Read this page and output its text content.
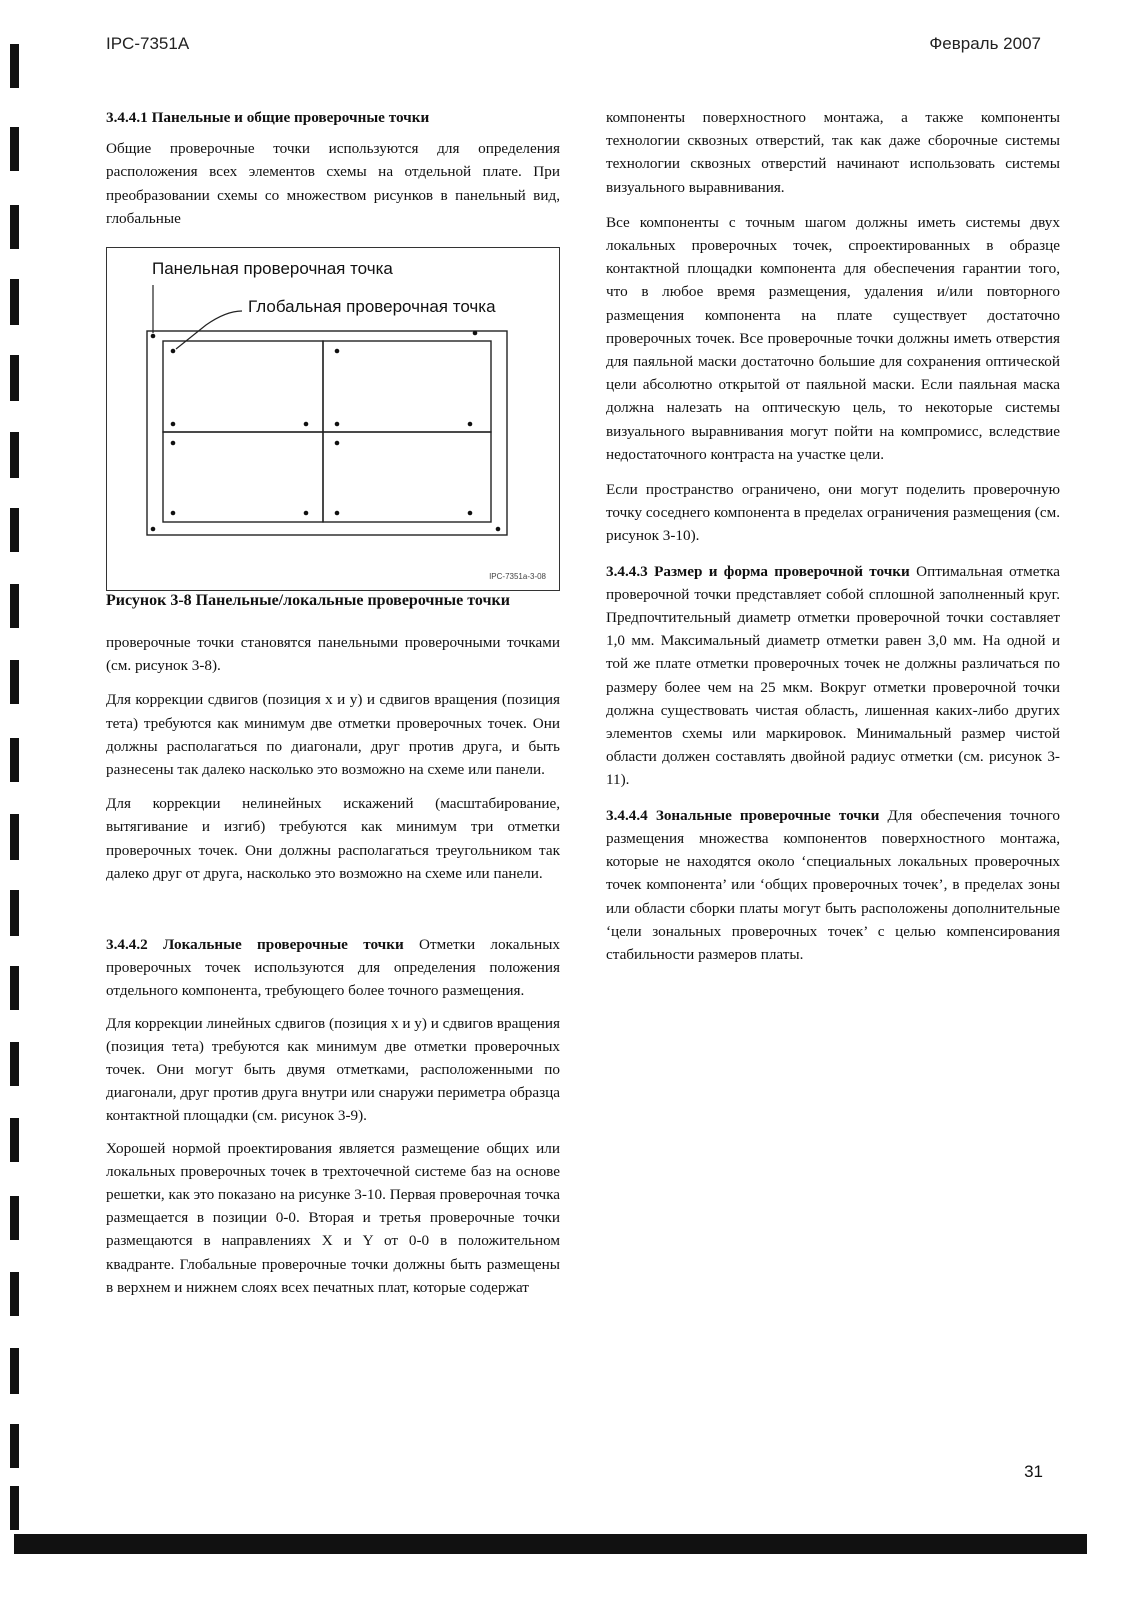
IPC-7351A	Февраль 2007
3.4.4.1 Панельные и общие проверочные точки

Общие проверочные точки используются для определения расположения всех элементов схемы на отдельной плате. При преобразовании схемы со множеством рисунков в панельный вид, глобальные

Панельная проверочная точка
Глобальная проверочная точка
IPC-7351a-3-08
Рисунок 3-8 Панельные/локальные проверочные точки

проверочные точки становятся панельными проверочными точками (см. рисунок 3-8).

Для коррекции сдвигов (позиция х и у) и сдвигов вращения (позиция тета) требуются как минимум две отметки проверочных точек. Они должны располагаться по диагонали, друг против друга, и быть разнесены так далеко насколько это возможно на схеме или панели.

Для коррекции нелинейных искажений (масштабирование, вытягивание и изгиб) требуются как минимум три отметки проверочных точек. Они должны располагаться треугольником так далеко друг от друга, насколько это возможно на схеме или панели.

3.4.4.2 Локальные проверочные точки Отметки локальных проверочных точек используются для определения положения отдельного компонента, требующего более точного размещения.

Для коррекции линейных сдвигов (позиция х и у) и сдвигов вращения (позиция тета) требуются как минимум две отметки проверочных точек. Они могут быть двумя отметками, расположенными по диагонали, друг против друга внутри или снаружи периметра образца контактной площадки (см. рисунок 3-9).

Хорошей нормой проектирования является размещение общих или локальных проверочных точек в трехточечной системе баз на основе решетки, как это показано на рисунке 3-10. Первая проверочная точка размещается в позиции 0-0. Вторая и третья проверочные точки размещаются в направлениях X и Y от 0-0 в положительном квадранте. Глобальные проверочные точки должны быть размещены в верхнем и нижнем слоях всех печатных плат, которые содержат

компоненты поверхностного монтажа, а также компоненты технологии сквозных отверстий, так как даже сборочные системы технологии сквозных отверстий начинают использовать системы визуального выравнивания.

Все компоненты с точным шагом должны иметь системы двух локальных проверочных точек, спроектированных в образце контактной площадки компонента для обеспечения гарантии того, что в любое время размещения, удаления и/или повторного размещения компонента на плате существует достаточно проверочных точек. Все проверочные точки должны иметь отверстия для паяльной маски достаточно большие для сохранения оптической цели абсолютно открытой от паяльной маски. Если паяльная маска должна налезать на оптическую цель, то некоторые системы визуального выравнивания могут пойти на компромисс, вследствие недостаточного контраста на участке цели.

Если пространство ограничено, они могут поделить проверочную точку соседнего компонента в пределах ограничения размещения (см. рисунок 3-10).

3.4.4.3 Размер и форма проверочной точки Оптимальная отметка проверочной точки представляет собой сплошной заполненный круг. Предпочтительный диаметр отметки проверочной точки составляет 1,0 мм. Максимальный диаметр отметки равен 3,0 мм. На одной и той же плате отметки проверочных точек не должны различаться по размеру более чем на 25 мкм. Вокруг отметки проверочной точки должна существовать чистая область, лишенная каких-либо других элементов схемы или маркировок. Минимальный размер чистой области должен составлять двойной радиус отметки (см. рисунок 3-11).

3.4.4.4 Зональные проверочные точки Для обеспечения точного размещения множества компонентов поверхностного монтажа, которые не находятся около ‘специальных локальных проверочных точек компонента’ или ‘общих проверочных точек’, в пределах зоны или области сборки платы могут быть расположены дополнительные ‘цели зональных проверочных точек’ с целью компенсирования стабильности размеров платы.

31
